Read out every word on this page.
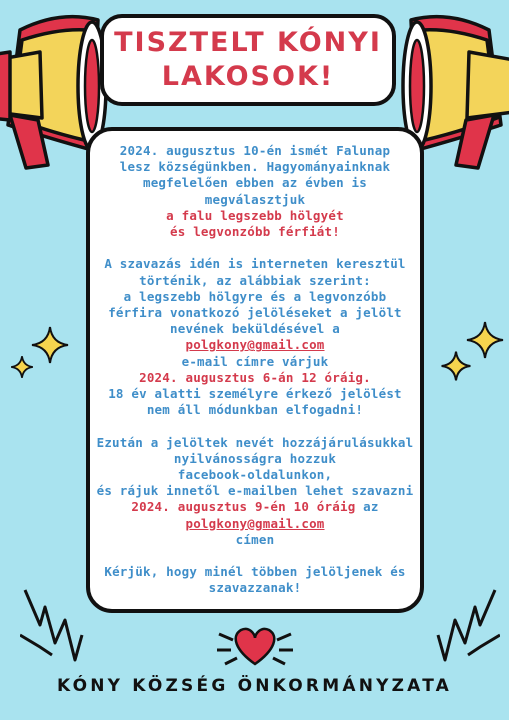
TISZTELT KÓNYI
LAKOSOK!
2024. augusztus 10-én ismét Falunap
lesz községünkben. Hagyományainknak
megfelelően ebben az évben is
megválasztjuk
a falu legszebb hölgyét
és legvonzóbb férfiát!
A szavazás idén is interneten keresztül
történik, az alábbiak szerint:
a legszebb hölgyre és a legvonzóbb
férfira vonatkozó jelöléseket a jelölt
nevének beküldésével a
polgkony@gmail.com
e-mail címre várjuk
2024. augusztus 6-án 12 óráig.
18 év alatti személyre érkező jelölést
nem áll módunkban elfogadni!
Ezután a jelöltek nevét hozzájárulásukkal
nyilvánosságra hozzuk
facebook-oldalunkon,
és rájuk innetől e-mailben lehet szavazni
2024. augusztus 9-én 10 óráig az
polgkony@gmail.com
címen
Kérjük, hogy minél többen jelöljenek és
szavazzanak!
KÓNY KÖZSÉG ÖNKORMÁNYZATA
